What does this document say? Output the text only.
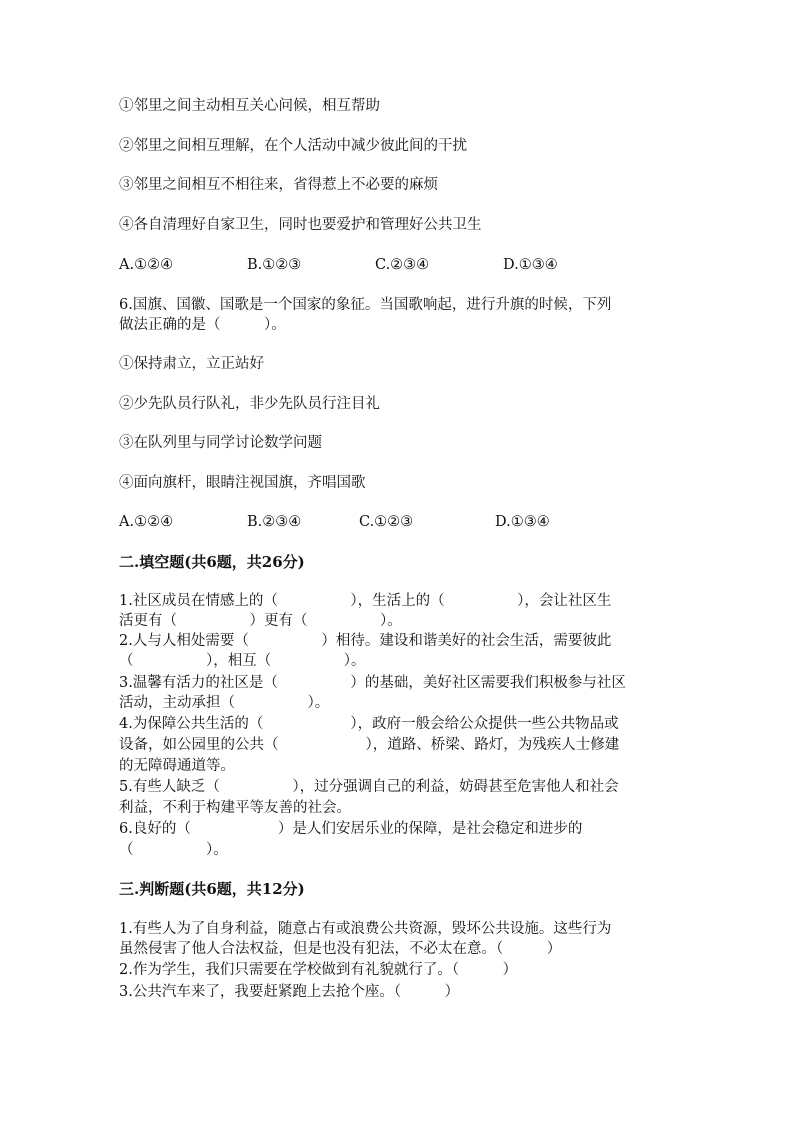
①邻里之间主动相互关心问候，相互帮助
②邻里之间相互理解，在个人活动中减少彼此间的干扰
③邻里之间相互不相往来，省得惹上不必要的麻烦
④各自清理好自家卫生，同时也要爱护和管理好公共卫生
A.①②④	B.①②③	C.②③④	D.①③④
6.国旗、国徽、国歌是一个国家的象征。当国歌响起，进行升旗的时候，下列
做法正确的是（　　　）。
①保持肃立，立正站好
②少先队员行队礼，非少先队员行注目礼
③在队列里与同学讨论数学问题
④面向旗杆，眼睛注视国旗，齐唱国歌
A.①②④	B.②③④	C.①②③	D.①③④
二.填空题(共6题，共26分)
1.社区成员在情感上的（　　　　　），生活上的（　　　　　），会让社区生
活更有（　　　　　）更有（　　　　　）。
2.人与人相处需要（　　　　　）相待。建设和谐美好的社会生活，需要彼此
（　　　　　），相互（　　　　　）。
3.温馨有活力的社区是（　　　　　）的基础，美好社区需要我们积极参与社区
活动，主动承担（　　　　　）。
4.为保障公共生活的（　　　　　　），政府一般会给公众提供一些公共物品或
设备，如公园里的公共（　　　　　　），道路、桥梁、路灯，为残疾人士修建
的无障碍通道等。
5.有些人缺乏（　　　　　），过分强调自己的利益，妨碍甚至危害他人和社会
利益，不利于构建平等友善的社会。
6.良好的（　　　　　　）是人们安居乐业的保障，是社会稳定和进步的
（　　　　　）。
三.判断题(共6题，共12分)
1.有些人为了自身利益，随意占有或浪费公共资源，毁坏公共设施。这些行为
虽然侵害了他人合法权益，但是也没有犯法，不必太在意。（　　　）
2.作为学生，我们只需要在学校做到有礼貌就行了。（　　　）
3.公共汽车来了，我要赶紧跑上去抢个座。（　　　）
